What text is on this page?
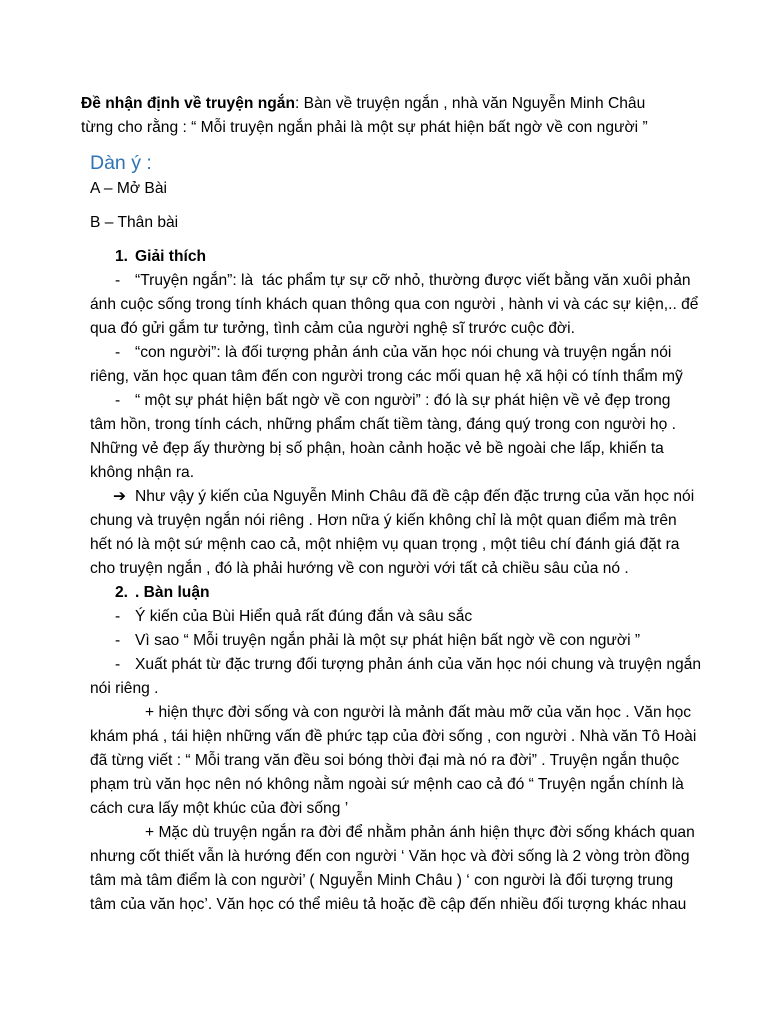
Đề nhận định về truyện ngắn: Bàn về truyện ngắn , nhà văn Nguyễn Minh Châu
từng cho rằng : “ Mỗi truyện ngắn phải là một sự phát hiện bất ngờ về con người ”
Dàn ý :
A – Mở Bài
B – Thân bài
1. Giải thích
- “Truyện ngắn”: là  tác phẩm tự sự cỡ nhỏ, thường được viết bằng văn xuôi phản
ánh cuộc sống trong tính khách quan thông qua con người , hành vi và các sự kiện,.. để
qua đó gửi gắm tư tưởng, tình cảm của người nghệ sĩ trước cuộc đời.
- “con người”: là đối tượng phản ánh của văn học nói chung và truyện ngắn nói
riêng, văn học quan tâm đến con người trong các mối quan hệ xã hội có tính thẩm mỹ
- “ một sự phát hiện bất ngờ về con người” : đó là sự phát hiện về vẻ đẹp trong
tâm hồn, trong tính cách, những phẩm chất tiềm tàng, đáng quý trong con người họ .
Những vẻ đẹp ấy thường bị số phận, hoàn cảnh hoặc vẻ bề ngoài che lấp, khiến ta
không nhận ra.
➔ Như vậy ý kiến của Nguyễn Minh Châu đã đề cập đến đặc trưng của văn học nói
chung và truyện ngắn nói riêng . Hơn nữa ý kiến không chỉ là một quan điểm mà trên
hết nó là một sứ mệnh cao cả, một nhiệm vụ quan trọng , một tiêu chí đánh giá đặt ra
cho truyện ngắn , đó là phải hướng về con người với tất cả chiều sâu của nó .
2. . Bàn luận
- Ý kiến của Bùi Hiển quả rất đúng đắn và sâu sắc
- Vì sao “ Mỗi truyện ngắn phải là một sự phát hiện bất ngờ về con người ”
- Xuất phát từ đặc trưng đối tượng phản ánh của văn học nói chung và truyện ngắn
nói riêng .
+ hiện thực đời sống và con người là mảnh đất màu mỡ của văn học . Văn học
khám phá , tái hiện những vấn đề phức tạp của đời sống , con người . Nhà văn Tô Hoài
đã từng viết : “ Mỗi trang văn đều soi bóng thời đại mà nó ra đời” . Truyện ngắn thuộc
phạm trù văn học nên nó không nằm ngoài sứ mệnh cao cả đó “ Truyện ngắn chính là
cách cưa lấy một khúc của đời sống ’
+ Mặc dù truyện ngắn ra đời để nhằm phản ánh hiện thực đời sống khách quan
nhưng cốt thiết vẫn là hướng đến con người ‘ Văn học và đời sống là 2 vòng tròn đồng
tâm mà tâm điểm là con người’ ( Nguyễn Minh Châu ) ‘ con người là đối tượng trung
tâm của văn học’. Văn học có thể miêu tả hoặc đề cập đến nhiều đối tượng khác nhau
